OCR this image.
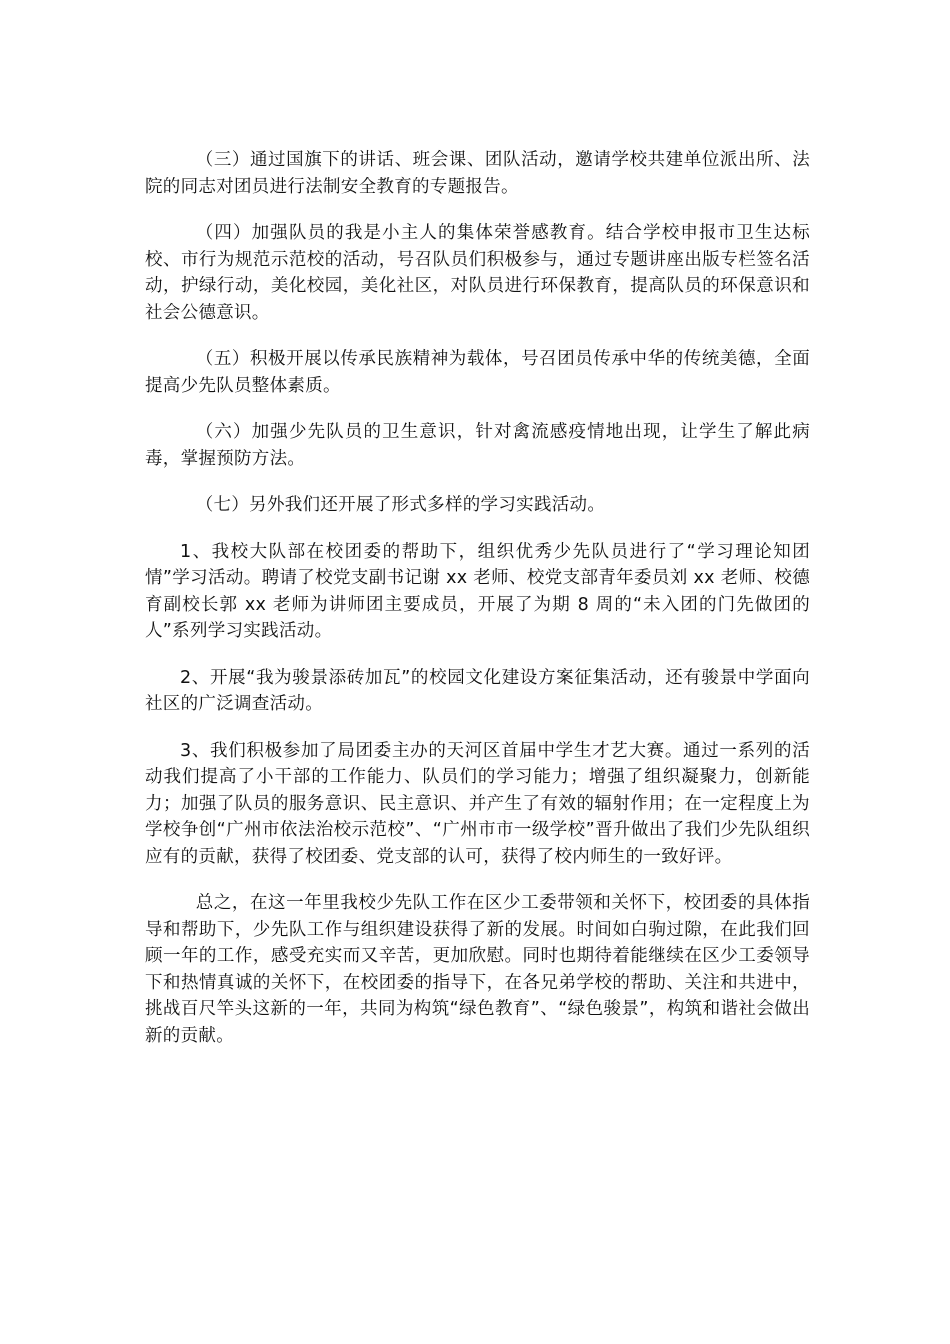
（三）通过国旗下的讲话、班会课、团队活动，邀请学校共建单位派出所、法院的同志对团员进行法制安全教育的专题报告。

（四）加强队员的我是小主人的集体荣誉感教育。结合学校申报市卫生达标校、市行为规范示范校的活动，号召队员们积极参与，通过专题讲座出版专栏签名活动，护绿行动，美化校园，美化社区，对队员进行环保教育，提高队员的环保意识和社会公德意识。

（五）积极开展以传承民族精神为载体，号召团员传承中华的传统美德，全面提高少先队员整体素质。

（六）加强少先队员的卫生意识，针对禽流感疫情地出现，让学生了解此病毒，掌握预防方法。

（七）另外我们还开展了形式多样的学习实践活动。

1、我校大队部在校团委的帮助下，组织优秀少先队员进行了“学习理论知团情”学习活动。聘请了校党支副书记谢 xx 老师、校党支部青年委员刘 xx 老师、校德育副校长郭 xx 老师为讲师团主要成员，开展了为期 8 周的“未入团的门先做团的人”系列学习实践活动。

2、开展“我为骏景添砖加瓦”的校园文化建设方案征集活动，还有骏景中学面向社区的广泛调查活动。

3、我们积极参加了局团委主办的天河区首届中学生才艺大赛。通过一系列的活动我们提高了小干部的工作能力、队员们的学习能力；增强了组织凝聚力，创新能力；加强了队员的服务意识、民主意识、并产生了有效的辐射作用；在一定程度上为学校争创“广州市依法治校示范校”、“广州市市一级学校”晋升做出了我们少先队组织应有的贡献，获得了校团委、党支部的认可，获得了校内师生的一致好评。

总之，在这一年里我校少先队工作在区少工委带领和关怀下，校团委的具体指导和帮助下，少先队工作与组织建设获得了新的发展。时间如白驹过隙，在此我们回顾一年的工作，感受充实而又辛苦，更加欣慰。同时也期待着能继续在区少工委领导下和热情真诚的关怀下，在校团委的指导下，在各兄弟学校的帮助、关注和共进中，挑战百尺竿头这新的一年，共同为构筑“绿色教育”、“绿色骏景”，构筑和谐社会做出新的贡献。
